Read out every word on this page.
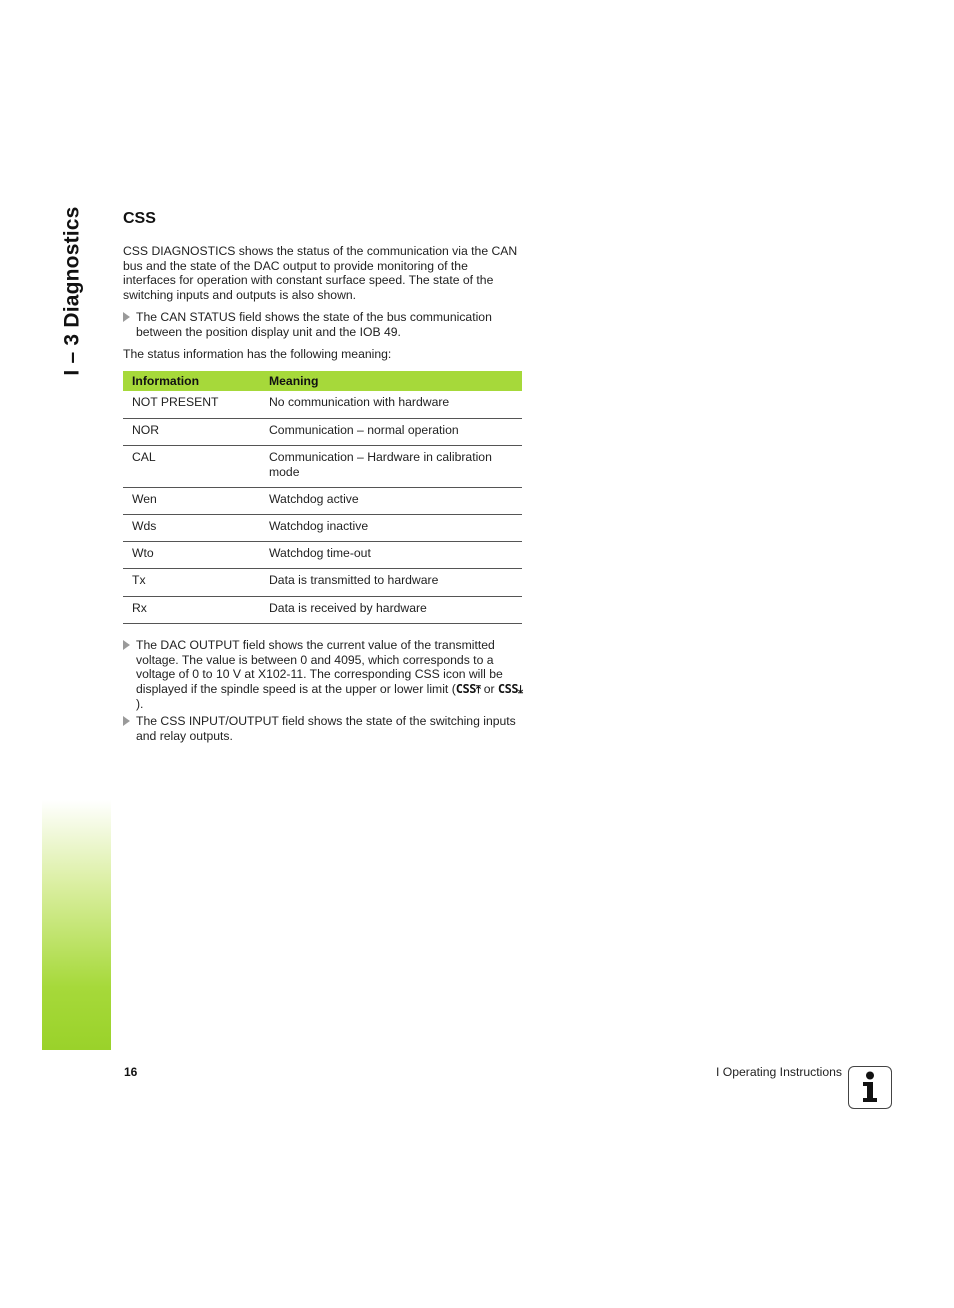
I – 3 Diagnostics CSS

CSS DIAGNOSTICS shows the status of the communication via the CAN bus and the state of the DAC output to provide monitoring of the interfaces for operation with constant surface speed. The state of the switching inputs and outputs is also shown.

The CAN STATUS field shows the state of the bus communication between the position display unit and the IOB 49.

The status information has the following meaning:

Information	Meaning
NOT PRESENT	No communication with hardware
NOR	Communication – normal operation
CAL	Communication – Hardware in calibration mode
Wen	Watchdog active
Wds	Watchdog inactive
Wto	Watchdog time-out
Tx	Data is transmitted to hardware
Rx	Data is received by hardware
The DAC OUTPUT field shows the current value of the transmitted voltage. The value is between 0 and 4095, which corresponds to a voltage of 0 to 10 V at X102-11. The corresponding CSS icon will be displayed if the spindle speed is at the upper or lower limit (CSS⤒ or CSS⤓).
The CSS INPUT/OUTPUT field shows the state of the switching inputs and relay outputs.
16	I Operating Instructions
